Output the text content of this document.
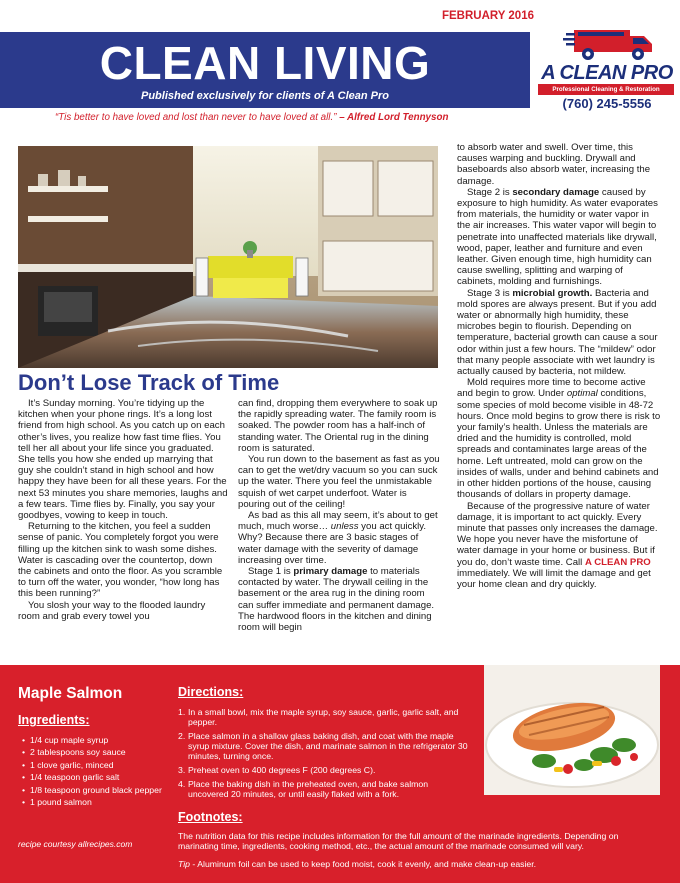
FEBRUARY 2016
CLEAN LIVING
Published exclusively for clients of A Clean Pro
A CLEAN PRO
Professional Cleaning & Restoration
(760) 245-5556
“Tis better to have loved and lost than never to have loved at all.” – Alfred Lord Tennyson
Don’t Lose Track of Time

It’s Sunday morning. You’re tidying up the kitchen when your phone rings. It’s a long lost friend from high school. As you catch up on each other’s lives, you realize how fast time flies. You tell her all about your life since you graduated. She tells you how she ended up marrying that guy she couldn’t stand in high school and how happy they have been for all these years. For the next 53 minutes you share memories, laughs and a few tears. Time flies by. Finally, you say your goodbyes, vowing to keep in touch.

Returning to the kitchen, you feel a sudden sense of panic. You completely forgot you were filling up the kitchen sink to wash some dishes. Water is cascading over the countertop, down the cabinets and onto the floor. As you scramble to turn off the water, you wonder, “how long has this been running?”

You slosh your way to the flooded laundry room and grab every towel you

can find, dropping them everywhere to soak up the rapidly spreading water. The family room is soaked. The powder room has a half-inch of standing water. The Oriental rug in the dining room is saturated.

You run down to the basement as fast as you can to get the wet/dry vacuum so you can suck up the water. There you feel the unmistakable squish of wet carpet underfoot. Water is pouring out of the ceiling!

As bad as this all may seem, it’s about to get much, much worse… unless you act quickly. Why? Because there are 3 basic stages of water damage with the severity of damage increasing over time.

Stage 1 is primary damage to materials contacted by water. The drywall ceiling in the basement or the area rug in the dining room can suffer immediate and permanent damage. The hardwood floors in the kitchen and dining room will begin

to absorb water and swell. Over time, this causes warping and buckling. Drywall and baseboards also absorb water, increasing the damage.

Stage 2 is secondary damage caused by exposure to high humidity. As water evaporates from materials, the humidity or water vapor in the air increases. This water vapor will begin to penetrate into unaffected materials like drywall, wood, paper, leather and furniture and even leather. Given enough time, high humidity can cause swelling, splitting and warping of cabinets, molding and furnishings.

Stage 3 is microbial growth. Bacteria and mold spores are always present. But if you add water or abnormally high humidity, these microbes begin to flourish. Depending on temperature, bacterial growth can cause a sour odor within just a few hours. The “mildew” odor that many people associate with wet laundry is actually caused by bacteria, not mildew.

Mold requires more time to become active and begin to grow. Under optimal conditions, some species of mold become visible in 48-72 hours. Once mold begins to grow there is risk to your family’s health. Unless the materials are dried and the humidity is controlled, mold spreads and contaminates large areas of the home. Left untreated, mold can grow on the insides of walls, under and behind cabinets and in other hidden portions of the house, causing thousands of dollars in property damage.

Because of the progressive nature of water damage, it is important to act quickly. Every minute that passes only increases the damage. We hope you never have the misfortune of water damage in your home or business. But if you do, don’t waste time. Call A CLEAN PRO immediately. We will limit the damage and get your home clean and dry quickly.

Maple Salmon
Ingredients:
• 1/4 cup maple syrup
• 2 tablespoons soy sauce
• 1 clove garlic, minced
• 1/4 teaspoon garlic salt
• 1/8 teaspoon ground black pepper
• 1 pound salmon
recipe courtesy allrecipes.com
Directions:
1. In a small bowl, mix the maple syrup, soy sauce, garlic, garlic salt, and pepper.
2. Place salmon in a shallow glass baking dish, and coat with the maple syrup mixture. Cover the dish, and marinate salmon in the refrigerator 30 minutes, turning once.
3. Preheat oven to 400 degrees F (200 degrees C).
4. Place the baking dish in the preheated oven, and bake salmon uncovered 20 minutes, or until easily flaked with a fork.
Footnotes:
The nutrition data for this recipe includes information for the full amount of the marinade ingredients. Depending on marinating time, ingredients, cooking method, etc., the actual amount of the marinade consumed will vary.
Tip - Aluminum foil can be used to keep food moist, cook it evenly, and make clean-up easier.
